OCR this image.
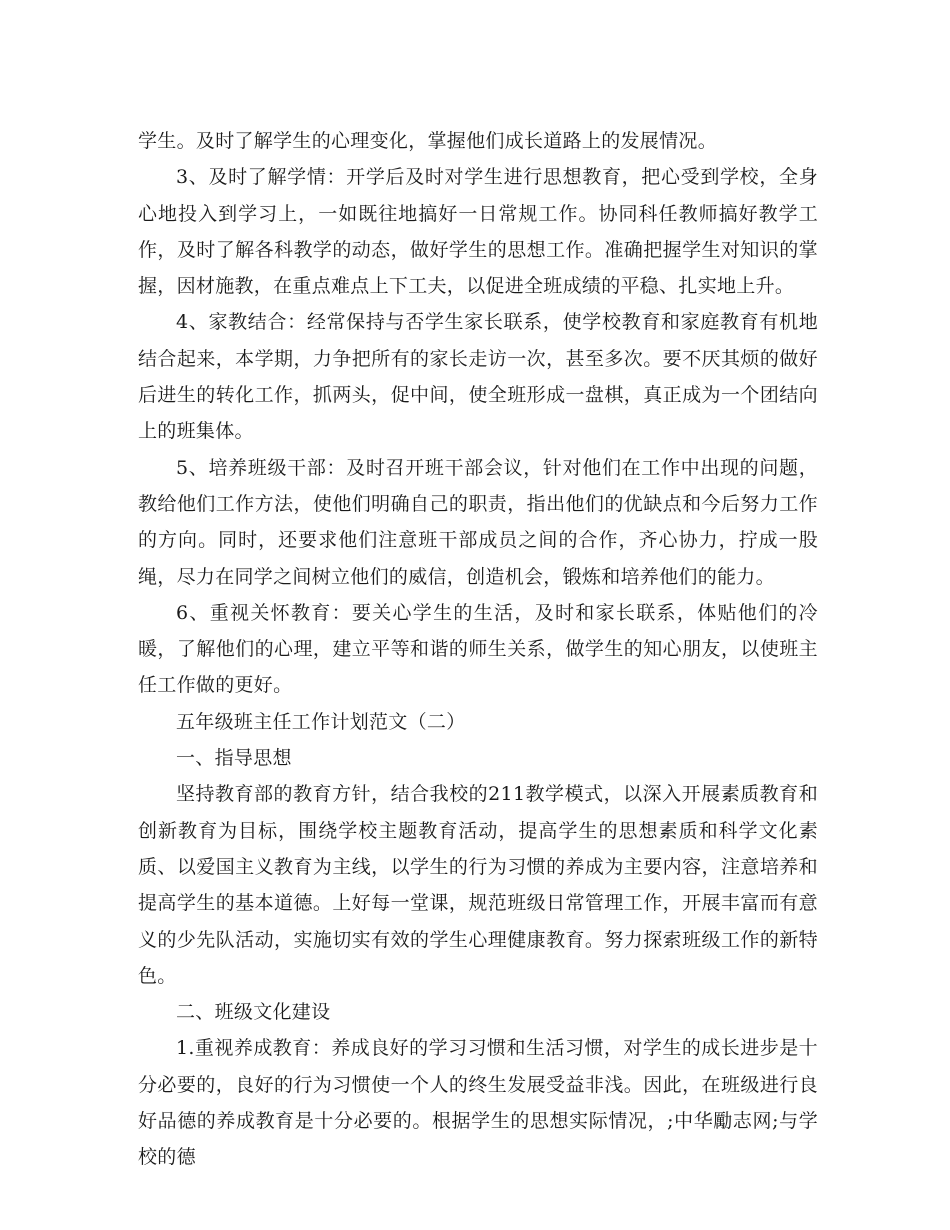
学生。及时了解学生的心理变化，掌握他们成长道路上的发展情况。

3、及时了解学情：开学后及时对学生进行思想教育，把心受到学校，全身心地投入到学习上，一如既往地搞好一日常规工作。协同科任教师搞好教学工作，及时了解各科教学的动态，做好学生的思想工作。准确把握学生对知识的掌握，因材施教，在重点难点上下工夫，以促进全班成绩的平稳、扎实地上升。

4、家教结合：经常保持与否学生家长联系，使学校教育和家庭教育有机地结合起来，本学期，力争把所有的家长走访一次，甚至多次。要不厌其烦的做好后进生的转化工作，抓两头，促中间，使全班形成一盘棋，真正成为一个团结向上的班集体。

5、培养班级干部：及时召开班干部会议，针对他们在工作中出现的问题，教给他们工作方法，使他们明确自己的职责，指出他们的优缺点和今后努力工作的方向。同时，还要求他们注意班干部成员之间的合作，齐心协力，拧成一股绳，尽力在同学之间树立他们的威信，创造机会，锻炼和培养他们的能力。

6、重视关怀教育：要关心学生的生活，及时和家长联系，体贴他们的冷暖，了解他们的心理，建立平等和谐的师生关系，做学生的知心朋友，以使班主任工作做的更好。

五年级班主任工作计划范文（二）

一、指导思想

坚持教育部的教育方针，结合我校的211教学模式，以深入开展素质教育和创新教育为目标，围绕学校主题教育活动，提高学生的思想素质和科学文化素质、以爱国主义教育为主线，以学生的行为习惯的养成为主要内容，注意培养和提高学生的基本道德。上好每一堂课，规范班级日常管理工作，开展丰富而有意义的少先队活动，实施切实有效的学生心理健康教育。努力探索班级工作的新特色。

二、班级文化建设

1.重视养成教育：养成良好的学习习惯和生活习惯，对学生的成长进步是十分必要的，良好的行为习惯使一个人的终生发展受益非浅。因此，在班级进行良好品德的养成教育是十分必要的。根据学生的思想实际情况，;中华勵志网;与学校的德
